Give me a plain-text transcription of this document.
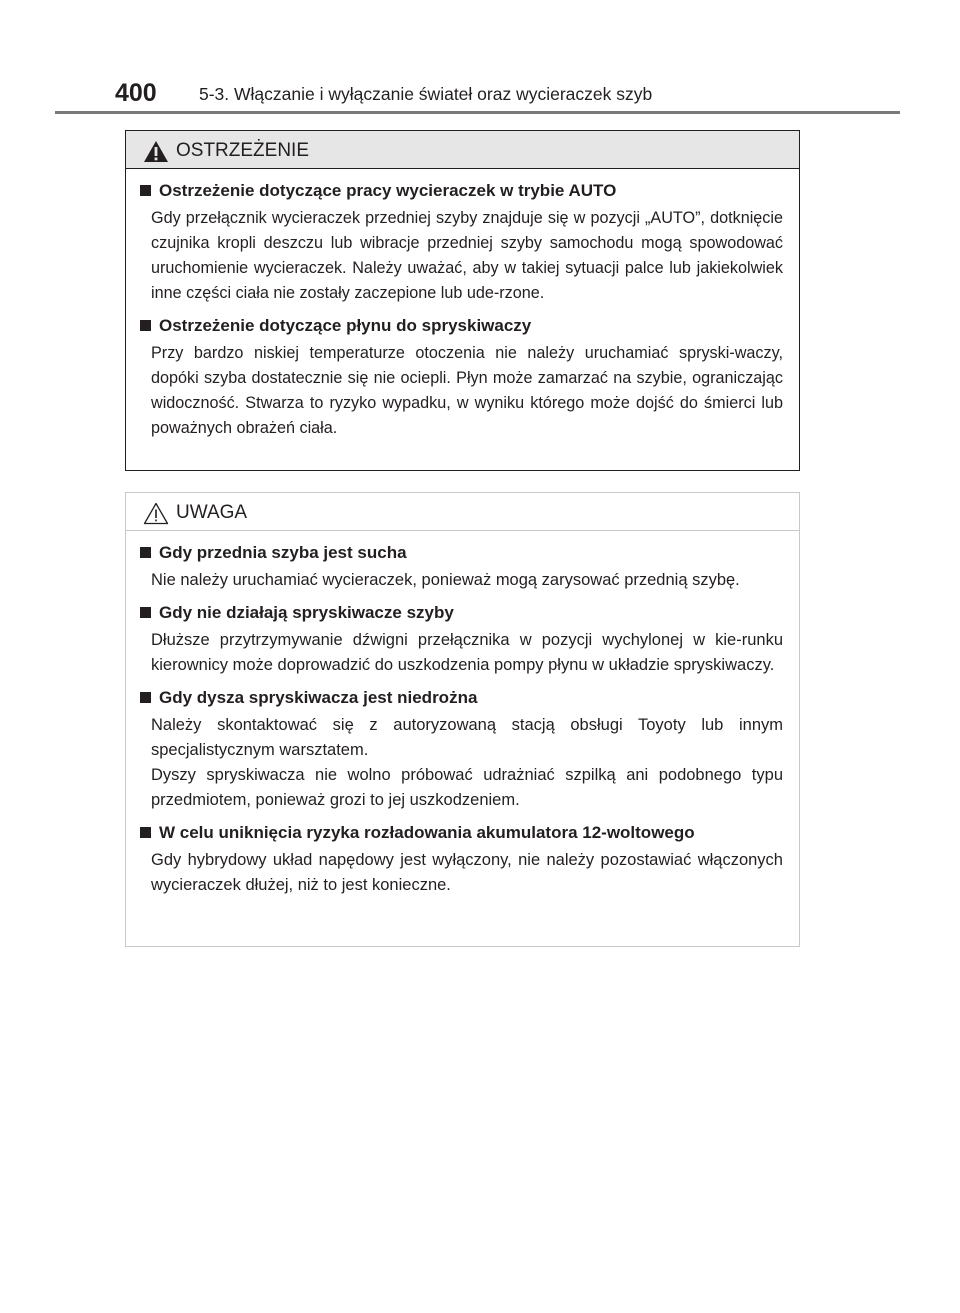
400 5-3. Włączanie i wyłączanie świateł oraz wycieraczek szyb
OSTRZEŻENIE
Ostrzeżenie dotyczące pracy wycieraczek w trybie AUTO

Gdy przełącznik wycieraczek przedniej szyby znajduje się w pozycji „AUTO”, dotknięcie czujnika kropli deszczu lub wibracje przedniej szyby samochodu mogą spowodować uruchomienie wycieraczek. Należy uważać, aby w takiej sytuacji palce lub jakiekolwiek inne części ciała nie zostały zaczepione lub ude-rzone.

Ostrzeżenie dotyczące płynu do spryskiwaczy

Przy bardzo niskiej temperaturze otoczenia nie należy uruchamiać spryski-waczy, dopóki szyba dostatecznie się nie ociepli. Płyn może zamarzać na szybie, ograniczając widoczność. Stwarza to ryzyko wypadku, w wyniku którego może dojść do śmierci lub poważnych obrażeń ciała.

UWAGA
Gdy przednia szyba jest sucha

Nie należy uruchamiać wycieraczek, ponieważ mogą zarysować przednią szybę.

Gdy nie działają spryskiwacze szyby

Dłuższe przytrzymywanie dźwigni przełącznika w pozycji wychylonej w kie-runku kierownicy może doprowadzić do uszkodzenia pompy płynu w układzie spryskiwaczy.

Gdy dysza spryskiwacza jest niedrożna

Należy skontaktować się z autoryzowaną stacją obsługi Toyoty lub innym specjalistycznym warsztatem.

Dyszy spryskiwacza nie wolno próbować udrażniać szpilką ani podobnego typu przedmiotem, ponieważ grozi to jej uszkodzeniem.

W celu uniknięcia ryzyka rozładowania akumulatora 12-woltowego

Gdy hybrydowy układ napędowy jest wyłączony, nie należy pozostawiać włączonych wycieraczek dłużej, niż to jest konieczne.
